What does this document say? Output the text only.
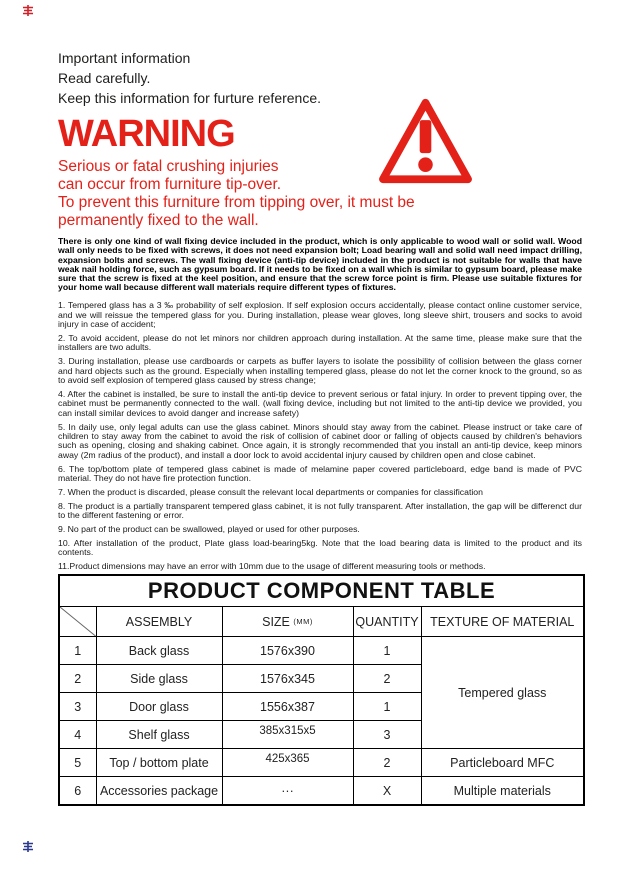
Important information
Read carefully.
Keep this information for furture reference.
WARNING
Serious or fatal crushing injuries
can occur from furniture tip-over.
To prevent this furniture from tipping over, it must be
permanently fixed to the wall.

There is only one kind of wall fixing device included in the product, which is only applicable to wood wall or solid wall. Wood wall only needs to be fixed with screws, it does not need expansion bolt; Load bearing wall and solid wall need impact drilling, expansion bolts and screws. The wall fixing device (anti-tip device) included in the product is not suitable for walls that have weak nail holding force, such as gypsum board. If it needs to be fixed on a wall which is similar to gypsum board, please make sure that the screw is fixed at the keel position, and ensure that the screw force point is firm. Please use suitable fixtures for your home wall because different wall materials require different types of fixtures.

1. Tempered glass has a 3 ‰ probability of self explosion. If self explosion occurs accidentally, please contact online customer service, and we will reissue the tempered glass for you. During installation, please wear gloves, long sleeve shirt, trousers and socks to avoid injury in case of accident;

2. To avoid accident, please do not let minors nor children approach during installation. At the same time, please make sure that the installers are two adults.

3. During installation, please use cardboards or carpets as buffer layers to isolate the possibility of collision between the glass corner and hard objects such as the ground. Especially when installing tempered glass, please do not let the corner knock to the ground, so as to avoid self explosion of tempered glass caused by stress change;

4. After the cabinet is installed, be sure to install the anti-tip device to prevent serious or fatal injury. In order to prevent tipping over, the cabinet must be permanently connected to the wall. (wall fixing device, including but not limited to the anti-tip device we provided, you can install similar devices to avoid danger and increase safety)

5. In daily use, only legal adults can use the glass cabinet. Minors should stay away from the cabinet. Please instruct or take care of children to stay away from the cabinet to avoid the risk of collision of cabinet door or falling of objects caused by children's behaviors such as opening, closing and shaking cabinet. Once again, it is strongly recommended that you install an anti-tip device, keep minors away (2m radius of the product), and install a door lock to avoid accidental injury caused by children open and close cabinet.

6. The top/bottom plate of tempered glass cabinet is made of melamine paper covered particleboard, edge band is made of PVC material. They do not have fire protection function.

7. When the product is discarded, please consult the relevant local departments or companies for classification

8. The product is a partially transparent tempered glass cabinet, it is not fully transparent. After installation, the gap will be differenct dur to the different fastening or error.

9. No part of the product can be swallowed, played or used for other purposes.

10. After installation of the product, Plate glass load-bearing5kg. Note that the load bearing data is limited to the product and its contents.

11.Product dimensions may have an error with 10mm due to the usage of different measuring tools or methods.

PRODUCT COMPONENT TABLE				

	ASSEMBLY	SIZE (MM)	QUANTITY	TEXTURE OF MATERIAL
1	Back glass	1576x390	1	Tempered glass
2	Side glass	1576x345	2	
3	Door glass	1556x387	1	
4	Shelf glass	385x315x5	3	
5	Top / bottom plate	425x365	2	Particleboard MFC
6	Accessories package	···	X	Multiple materials
